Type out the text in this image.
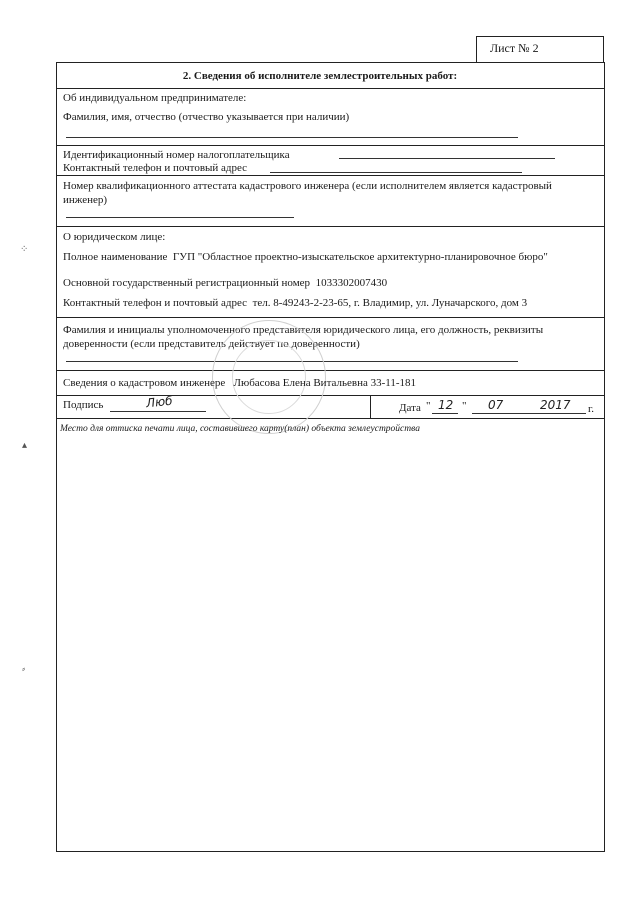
Лист № 2
2. Сведения об исполнителе землестроительных работ:
Об индивидуальном предпринимателе:
Фамилия, имя, отчество (отчество указывается при наличии)
Идентификационный номер налогоплательщика
Контактный телефон и почтовый адрес
Номер квалификационного аттестата кадастрового инженера (если исполнителем является кадастровый
инженер)
О юридическом лице:
Полное наименование ГУП "Областное проектно-изыскательское архитектурно-планировочное бюро"
Основной государственный регистрационный номер 1033302007430
Контактный телефон и почтовый адрес тел. 8-49243-2-23-65, г. Владимир, ул. Луначарского, дом 3
Фамилия и инициалы уполномоченного представителя юридического лица, его должность, реквизиты
доверенности (если представитель действует по доверенности)
Сведения о кадастровом инженере Любасова Елена Витальевна 33-11-181
Подпись	Люб	Дата " 12 " 07	2017 г.
Место для оттиска печати лица, составившего карту(план) объекта землеустройства
⁘
▴
⸗
